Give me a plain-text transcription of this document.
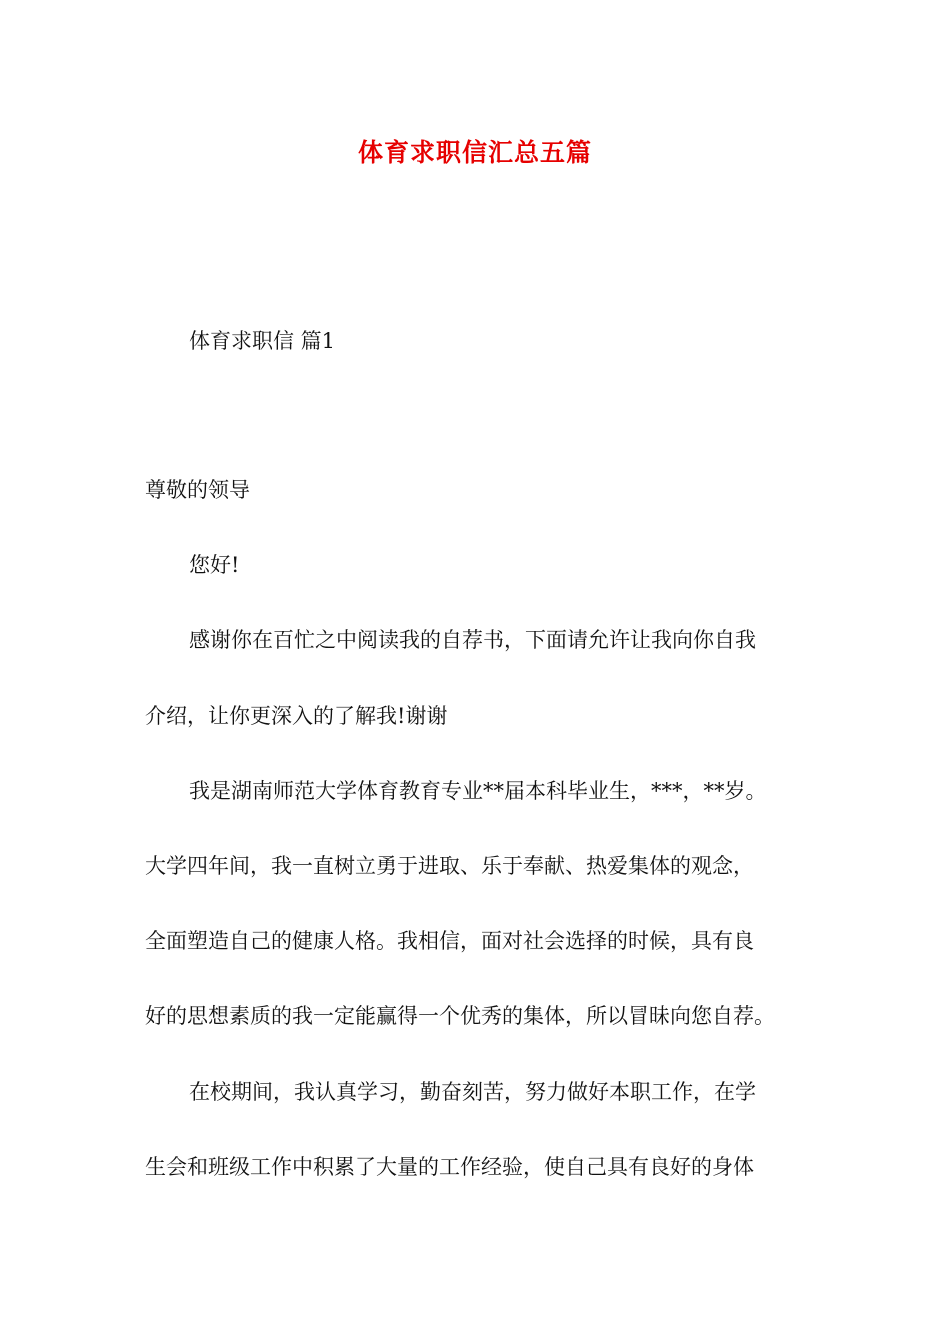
体育求职信汇总五篇
体育求职信 篇1
尊敬的领导
您好!
感谢你在百忙之中阅读我的自荐书，下面请允许让我向你自我
介绍，让你更深入的了解我!谢谢
我是湖南师范大学体育教育专业**届本科毕业生，***，**岁。
大学四年间，我一直树立勇于进取、乐于奉献、热爱集体的观念，
全面塑造自己的健康人格。我相信，面对社会选择的时候，具有良
好的思想素质的我一定能赢得一个优秀的集体，所以冒昧向您自荐。
在校期间，我认真学习，勤奋刻苦，努力做好本职工作，在学
生会和班级工作中积累了大量的工作经验，使自己具有良好的身体
